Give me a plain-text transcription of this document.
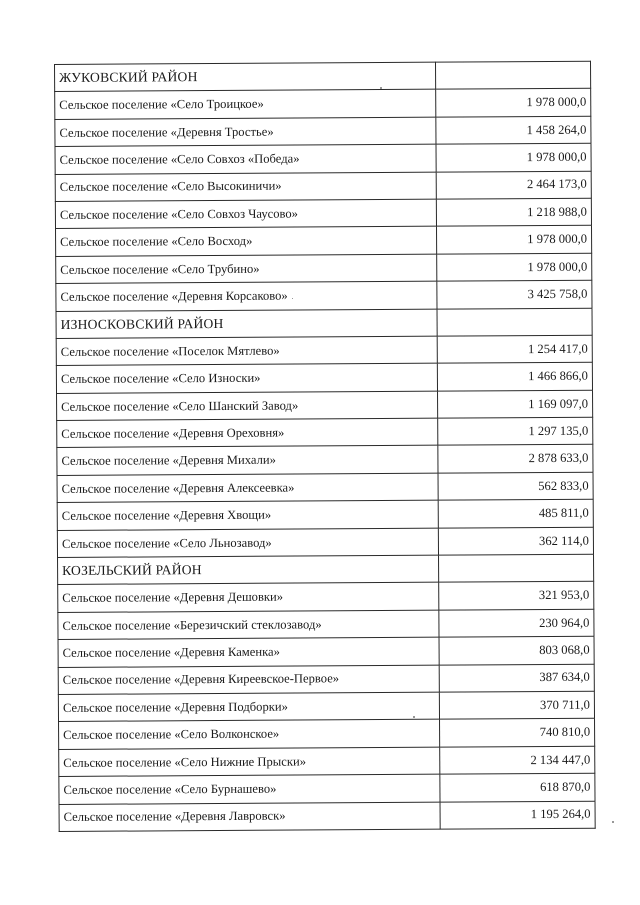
ЖУКОВСКИЙ РАЙОН	
Сельское поселение «Село Троицкое»	1 978 000,0
Сельское поселение «Деревня Тростье»	1 458 264,0
Сельское поселение «Село Совхоз «Победа»	1 978 000,0
Сельское поселение «Село Высокиничи»	2 464 173,0
Сельское поселение «Село Совхоз Чаусово»	1 218 988,0
Сельское поселение «Село Восход»	1 978 000,0
Сельское поселение «Село Трубино»	1 978 000,0
Сельское поселение «Деревня Корсаково»	3 425 758,0
ИЗНОСКОВСКИЙ РАЙОН	
Сельское поселение «Поселок Мятлево»	1 254 417,0
Сельское поселение «Село Износки»	1 466 866,0
Сельское поселение «Село Шанский Завод»	1 169 097,0
Сельское поселение «Деревня Ореховня»	1 297 135,0
Сельское поселение «Деревня Михали»	2 878 633,0
Сельское поселение «Деревня Алексеевка»	562 833,0
Сельское поселение «Деревня Хвощи»	485 811,0
Сельское поселение «Село Льнозавод»	362 114,0
КОЗЕЛЬСКИЙ РАЙОН	
Сельское поселение «Деревня Дешовки»	321 953,0
Сельское поселение «Березичский стеклозавод»	230 964,0
Сельское поселение «Деревня Каменка»	803 068,0
Сельское поселение «Деревня Киреевское-Первое»	387 634,0
Сельское поселение «Деревня Подборки»	370 711,0
Сельское поселение «Село Волконское»	740 810,0
Сельское поселение «Село Нижние Прыски»	2 134 447,0
Сельское поселение «Село Бурнашево»	618 870,0
Сельское поселение «Деревня Лавровск»	1 195 264,0
